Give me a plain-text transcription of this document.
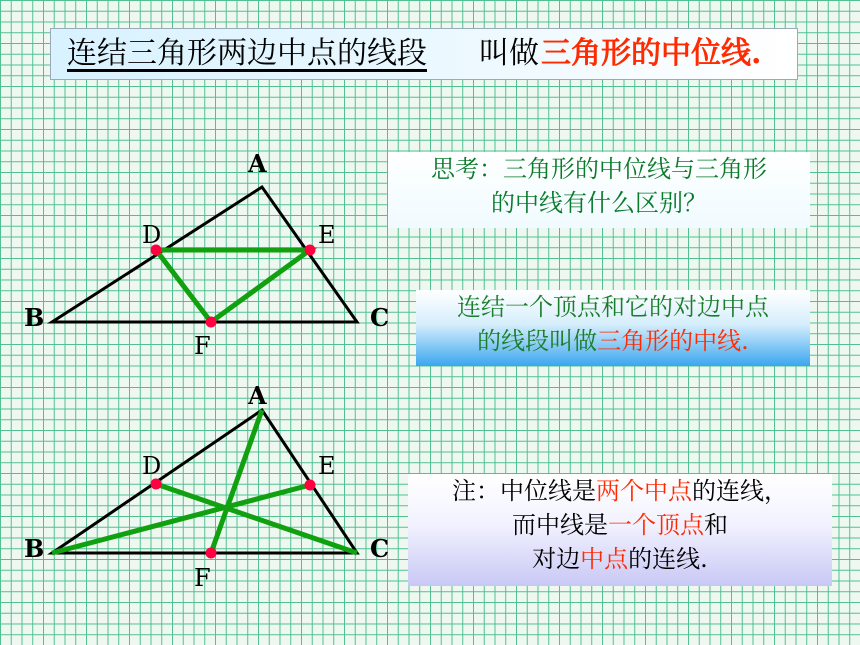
连结三角形两边中点的线段 叫做 三角形的中位线.
A
D	E
B	C
F
A
D	E
B	C
F
思考：三角形的中位线与三角形
的中线有什么区别？
连结一个顶点和它的对边中点
的线段叫做三角形的中线.
注：中位线是两个中点的连线，
而中线是一个顶点和
对边中点的连线.
